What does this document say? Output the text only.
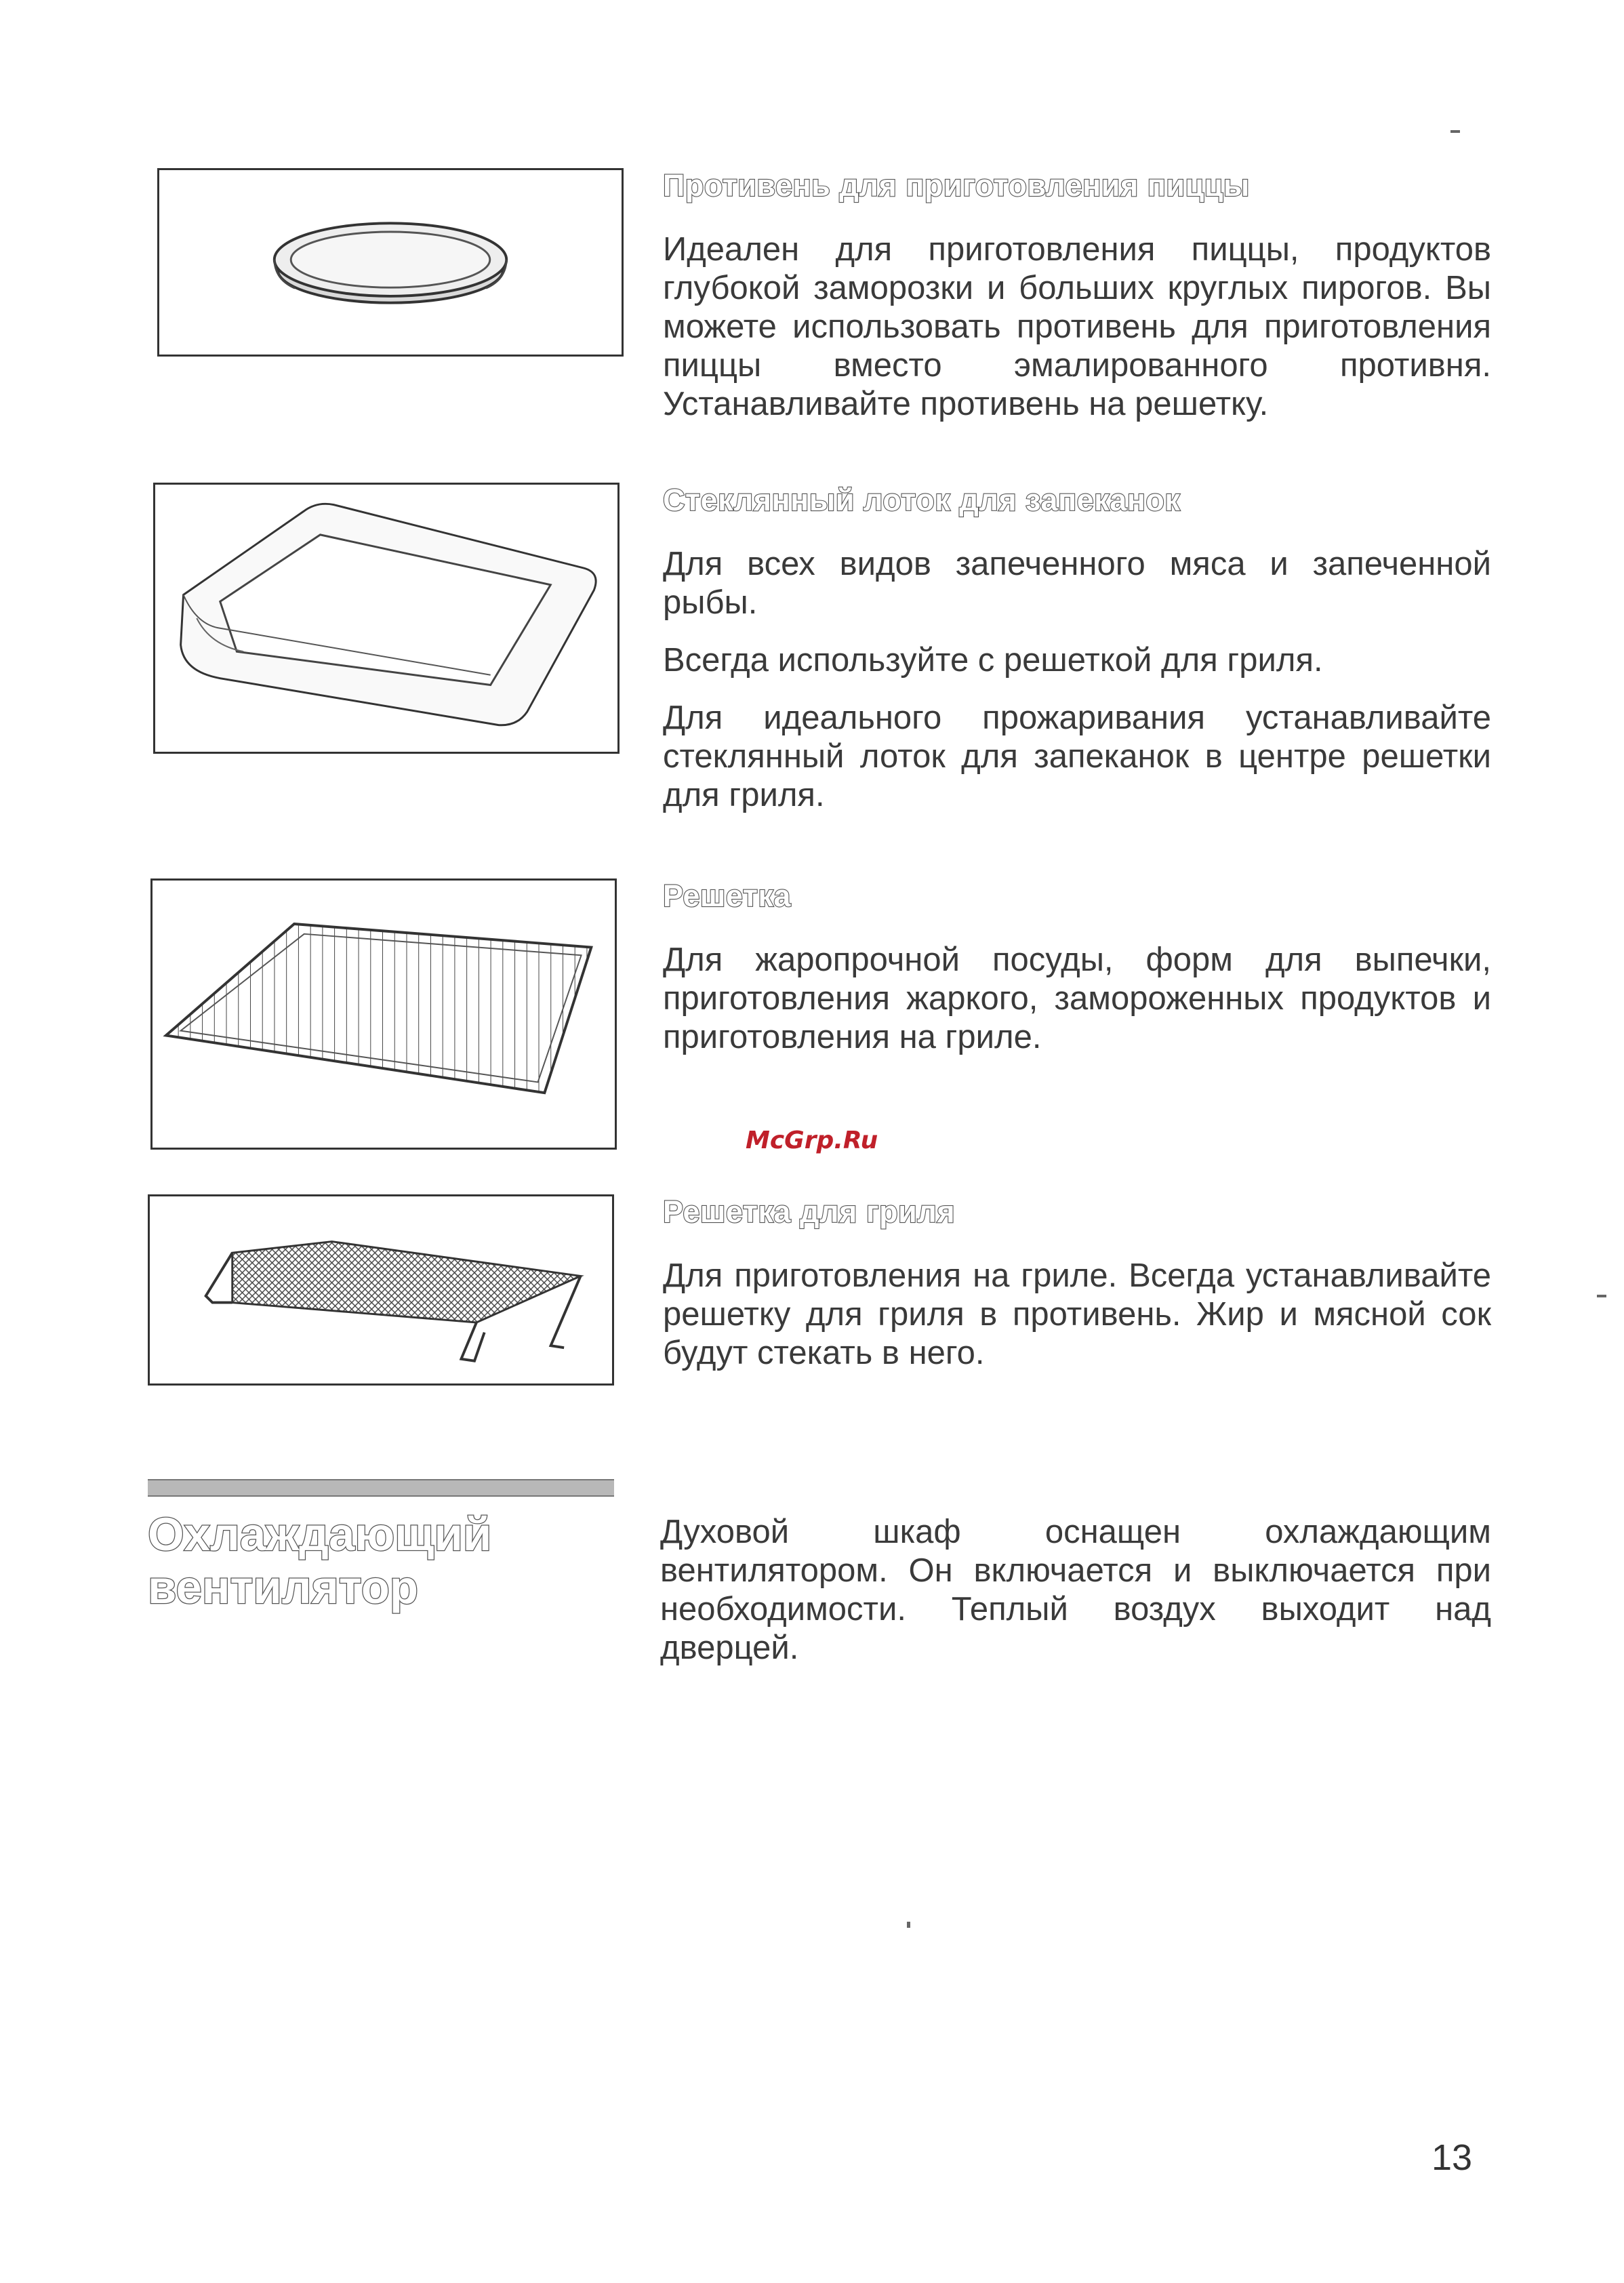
Противень для приготовления пиццы

Идеален для приготовления пиццы, продуктов глубокой заморозки и больших круглых пирогов. Вы можете использовать противень для приготовления пиццы вместо эмалированного противня. Устанавливайте противень на решетку.

Стеклянный лоток для запеканок

Для всех видов запеченного мяса и запеченной рыбы.

Всегда используйте с решеткой для гриля.

Для идеального прожаривания устанавливайте стеклянный лоток для запеканок в центре решетки для гриля.

Решетка

Для жаропрочной посуды, форм для выпечки, приготовления жаркого, замороженных продуктов и приготовления на гриле.

McGrp.Ru
Решетка для гриля

Для приготовления на гриле. Всегда устанавливайте решетку для гриля в противень. Жир и мясной сок будут стекать в него.

Охлаждающий
вентилятор

Духовой шкаф оснащен охлаждающим вентилятором. Он включается и выключается при необходимости. Теплый воздух выходит над дверцей.

13
